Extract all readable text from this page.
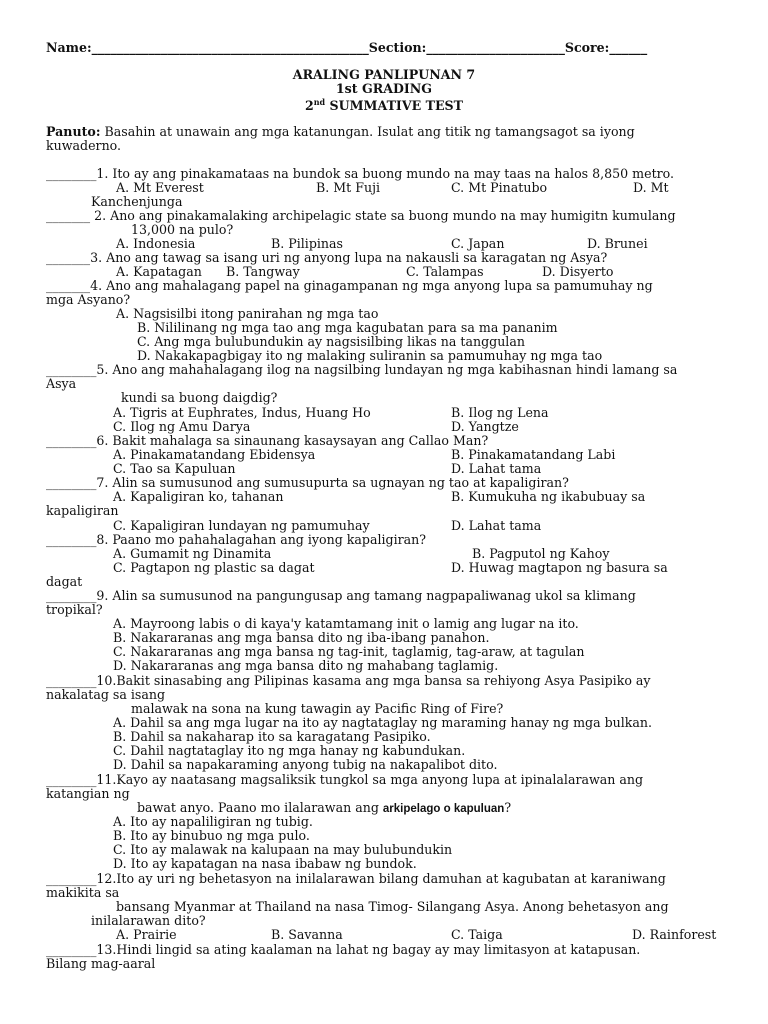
Name:____________________________________________Section:______________________Score:______
ARALING PANLIPUNAN 7
1st GRADING
2nd SUMMATIVE TEST
Panuto: Basahin at unawain ang mga katanungan. Isulat ang titik ng tamangsagot sa iyong
kuwaderno.
________1. Ito ay ang pinakamataas na bundok sa buong mundo na may taas na halos 8,850 metro.
A. Mt Everest	B. Mt Fuji	C. Mt Pinatubo	D. Mt
Kanchenjunga
_______ 2. Ano ang pinakamalaking archipelagic state sa buong mundo na may humigitn kumulang
13,000 na pulo?
A. Indonesia	B. Pilipinas	C. Japan	D. Brunei
_______3. Ano ang tawag sa isang uri ng anyong lupa na nakausli sa karagatan ng Asya?
A. Kapatagan B. Tangway	C. Talampas	D. Disyerto
_______4. Ano ang mahalagang papel na ginagampanan ng mga anyong lupa sa pamumuhay ng
mga Asyano?
A. Nagsisilbi itong panirahan ng mga tao
B. Nililinang ng mga tao ang mga kagubatan para sa ma pananim
C. Ang mga bulubundukin ay nagsisilbing likas na tanggulan
D. Nakakapagbigay ito ng malaking suliranin sa pamumuhay ng mga tao
________5. Ano ang mahahalagang ilog na nagsilbing lundayan ng mga kabihasnan hindi lamang sa
Asya
kundi sa buong daigdig?
A. Tigris at Euphrates, Indus, Huang Ho	B. Ilog ng Lena
C. Ilog ng Amu Darya	D. Yangtze
________6. Bakit mahalaga sa sinaunang kasaysayan ang Callao Man?
A. Pinakamatandang Ebidensya	B. Pinakamatandang Labi
C. Tao sa Kapuluan	D. Lahat tama
________7. Alin sa sumusunod ang sumusupurta sa ugnayan ng tao at kapaligiran?
A. Kapaligiran ko, tahanan	B. Kumukuha ng ikabubuay sa
kapaligiran
C. Kapaligiran lundayan ng pamumuhay	D. Lahat tama
________8. Paano mo pahahalagahan ang iyong kapaligiran?
A. Gumamit ng Dinamita	B. Pagputol ng Kahoy
C. Pagtapon ng plastic sa dagat	D. Huwag magtapon ng basura sa
dagat
________9. Alin sa sumusunod na pangungusap ang tamang nagpapaliwanag ukol sa klimang
tropikal?
A. Mayroong labis o di kaya'y katamtamang init o lamig ang lugar na ito.
B. Nakararanas ang mga bansa dito ng iba-ibang panahon.
C. Nakararanas ang mga bansa ng tag-init, taglamig, tag-araw, at tagulan
D. Nakararanas ang mga bansa dito ng mahabang taglamig.
________10.Bakit sinasabing ang Pilipinas kasama ang mga bansa sa rehiyong Asya Pasipiko ay
nakalatag sa isang
malawak na sona na kung tawagin ay Pacific Ring of Fire?
A. Dahil sa ang mga lugar na ito ay nagtataglay ng maraming hanay ng mga bulkan.
B. Dahil sa nakaharap ito sa karagatang Pasipiko.
C. Dahil nagtataglay ito ng mga hanay ng kabundukan.
D. Dahil sa napakaraming anyong tubig na nakapalibot dito.
________11.Kayo ay naatasang magsaliksik tungkol sa mga anyong lupa at ipinalalarawan ang
katangian ng
bawat anyo. Paano mo ilalarawan ang arkipelago o kapuluan?
A. Ito ay napaliligiran ng tubig.
B. Ito ay binubuo ng mga pulo.
C. Ito ay malawak na kalupaan na may bulubundukin
D. Ito ay kapatagan na nasa ibabaw ng bundok.
________12.Ito ay uri ng behetasyon na inilalarawan bilang damuhan at kagubatan at karaniwang
makikita sa
bansang Myanmar at Thailand na nasa Timog- Silangang Asya. Anong behetasyon ang
inilalarawan dito?
A. Prairie	B. Savanna	C. Taiga	D. Rainforest
________13.Hindi lingid sa ating kaalaman na lahat ng bagay ay may limitasyon at katapusan.
Bilang mag-aaral
